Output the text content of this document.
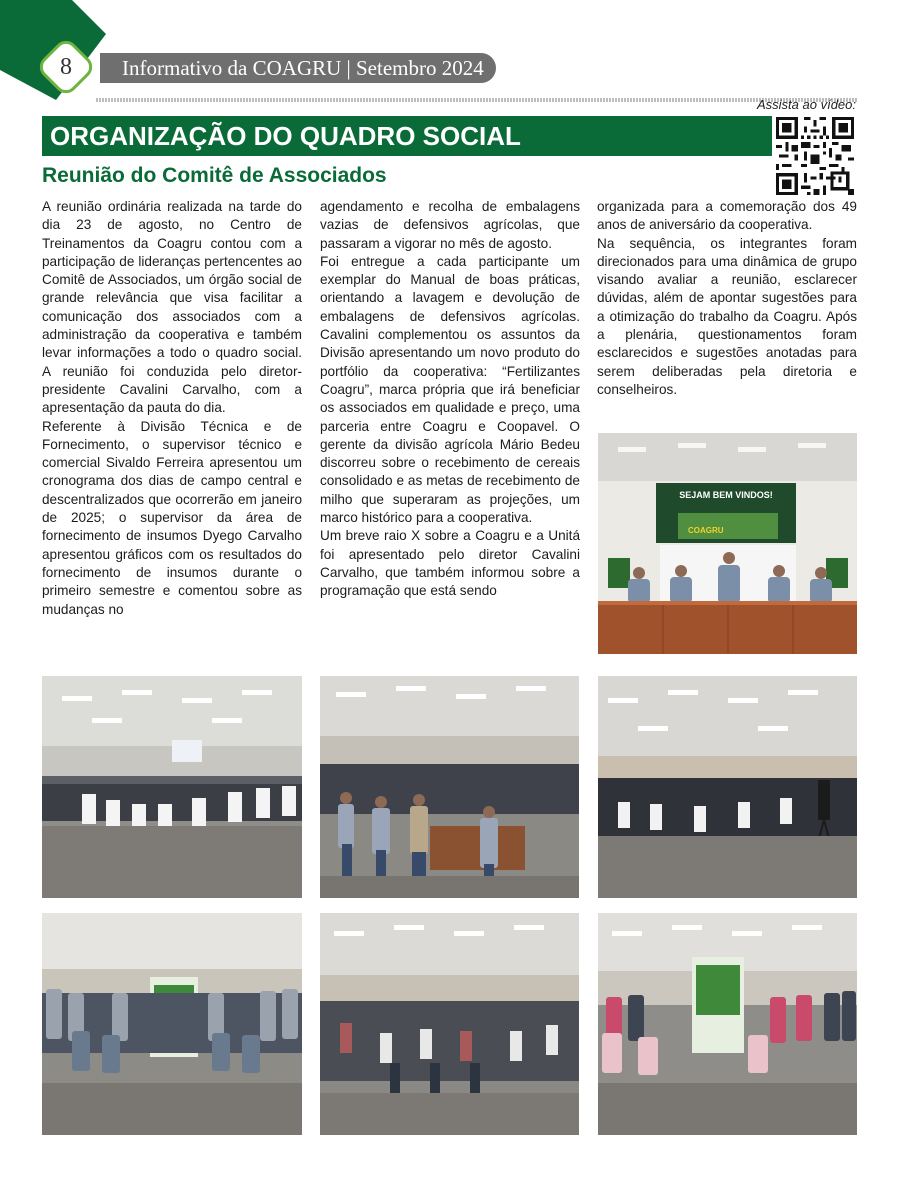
Informativo da COAGRU | Setembro 2024
8
Assista ao vídeo:
ORGANIZAÇÃO DO QUADRO SOCIAL
Reunião do Comitê de Associados

A reunião ordinária realizada na tarde do dia 23 de agosto, no Centro de Treinamentos da Coagru contou com a participação de lideranças pertencentes ao Comitê de Associados, um órgão social de grande relevância que visa facilitar a comunicação dos associados com a administração da cooperativa e também levar informações a todo o quadro social. A reunião foi conduzida pelo diretor-presidente Cavalini Carvalho, com a apresentação da pauta do dia.

Referente à Divisão Técnica e de Fornecimento, o supervisor técnico e comercial Sivaldo Ferreira apresentou um cronograma dos dias de campo central e descentralizados que ocorrerão em janeiro de 2025; o supervisor da área de fornecimento de insumos Dyego Carvalho apresentou gráficos com os resultados do fornecimento de insumos durante o primeiro semestre e comentou sobre as mudanças no

agendamento e recolha de embalagens vazias de defensivos agrícolas, que passaram a vigorar no mês de agosto.

Foi entregue a cada participante um exemplar do Manual de boas práticas, orientando a lavagem e devolução de embalagens de defensivos agrícolas. Cavalini complementou os assuntos da Divisão apresentando um novo produto do portfólio da cooperativa: “Fertilizantes Coagru”, marca própria que irá beneficiar os associados em qualidade e preço, uma parceria entre Coagru e Coopavel. O gerente da divisão agrícola Mário Bedeu discorreu sobre o recebimento de cereais consolidado e as metas de recebimento de milho que superaram as projeções, um marco histórico para a cooperativa.

Um breve raio X sobre a Coagru e a Unitá foi apresentado pelo diretor Cavalini Carvalho, que também informou sobre a programação que está sendo

organizada para a comemoração dos 49 anos de aniversário da cooperativa.

Na sequência, os integrantes foram direcionados para uma dinâmica de grupo visando avaliar a reunião, esclarecer dúvidas, além de apontar sugestões para a otimização do trabalho da Coagru. Após a plenária, questionamentos foram esclarecidos e sugestões anotadas para serem deliberadas pela diretoria e conselheiros.

SEJAM BEM VINDOS!
COAGRU
